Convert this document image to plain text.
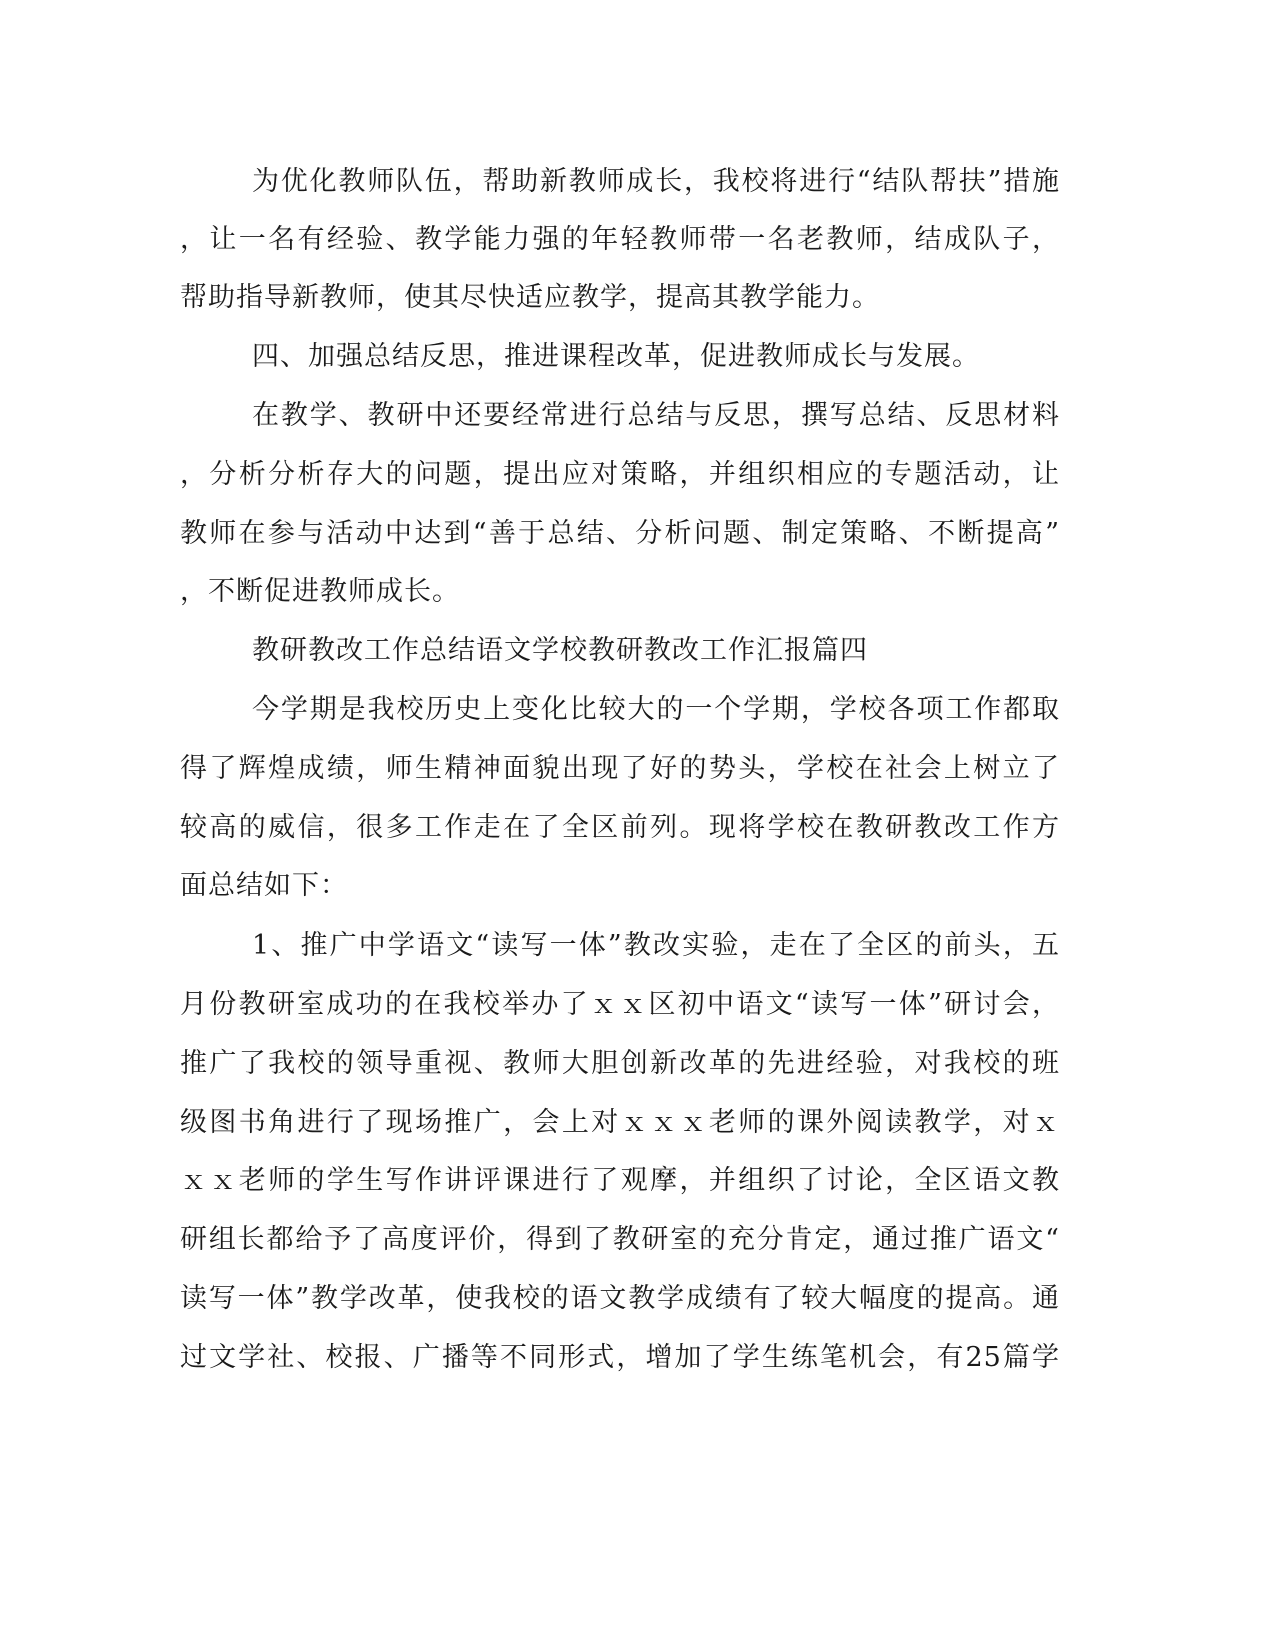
为优化教师队伍，帮助新教师成长，我校将进行“结队帮扶”措施

，让一名有经验、教学能力强的年轻教师带一名老教师，结成队子，

帮助指导新教师，使其尽快适应教学，提高其教学能力。

四、加强总结反思，推进课程改革，促进教师成长与发展。

在教学、教研中还要经常进行总结与反思，撰写总结、反思材料

，分析分析存大的问题，提出应对策略，并组织相应的专题活动，让

教师在参与活动中达到“善于总结、分析问题、制定策略、不断提高”

，不断促进教师成长。

教研教改工作总结语文学校教研教改工作汇报篇四

今学期是我校历史上变化比较大的一个学期，学校各项工作都取

得了辉煌成绩，师生精神面貌出现了好的势头，学校在社会上树立了

较高的威信，很多工作走在了全区前列。现将学校在教研教改工作方

面总结如下：

1、推广中学语文“读写一体”教改实验，走在了全区的前头，五

月份教研室成功的在我校举办了ｘｘ区初中语文“读写一体”研讨会，

推广了我校的领导重视、教师大胆创新改革的先进经验，对我校的班

级图书角进行了现场推广，会上对ｘｘｘ老师的课外阅读教学，对ｘ

ｘｘ老师的学生写作讲评课进行了观摩，并组织了讨论，全区语文教

研组长都给予了高度评价，得到了教研室的充分肯定，通过推广语文“

读写一体”教学改革，使我校的语文教学成绩有了较大幅度的提高。通

过文学社、校报、广播等不同形式，增加了学生练笔机会，有25篇学
